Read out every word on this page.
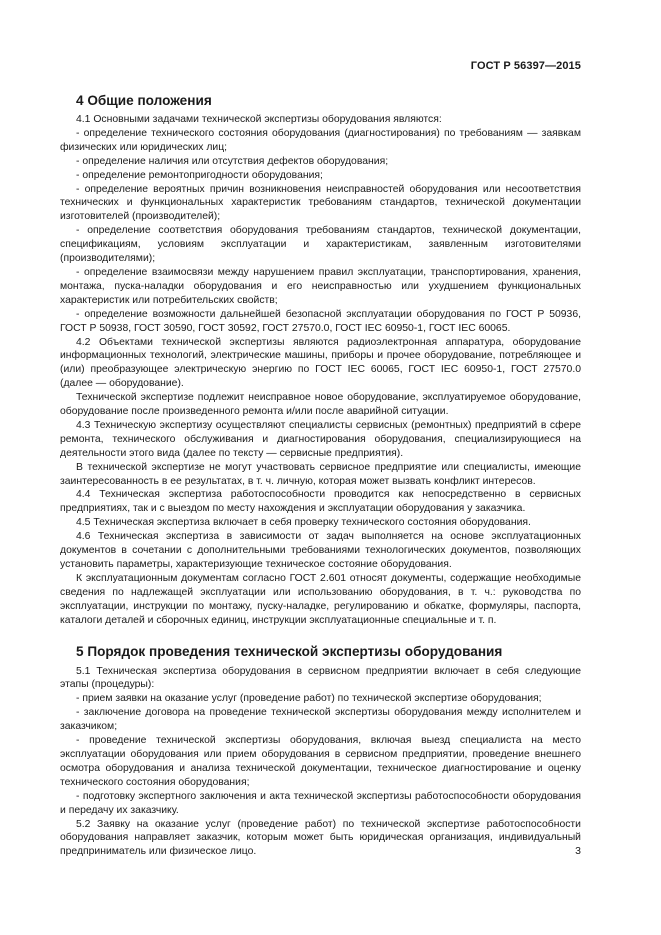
ГОСТ Р 56397—2015
4 Общие положения

4.1 Основными задачами технической экспертизы оборудования являются:

- определение технического состояния оборудования (диагностирования) по требованиям — заявкам физических или юридических лиц;

- определение наличия или отсутствия дефектов оборудования;

- определение ремонтопригодности оборудования;

- определение вероятных причин возникновения неисправностей оборудования или несоответствия технических и функциональных характеристик требованиям стандартов, технической документации изготовителей (производителей);

- определение соответствия оборудования требованиям стандартов, технической документации, спецификациям, условиям эксплуатации и характеристикам, заявленным изготовителями (производителями);

- определение взаимосвязи между нарушением правил эксплуатации, транспортирования, хранения, монтажа, пуска-наладки оборудования и его неисправностью или ухудшением функциональных характеристик или потребительских свойств;

- определение возможности дальнейшей безопасной эксплуатации оборудования по ГОСТ Р 50936, ГОСТ Р 50938, ГОСТ 30590, ГОСТ 30592, ГОСТ 27570.0, ГОСТ IEC 60950-1, ГОСТ IEC 60065.

4.2 Объектами технической экспертизы являются радиоэлектронная аппаратура, оборудование информационных технологий, электрические машины, приборы и прочее оборудование, потребляющее и (или) преобразующее электрическую энергию по ГОСТ IEC 60065, ГОСТ IEC 60950-1, ГОСТ 27570.0 (далее — оборудование).

Технической экспертизе подлежит неисправное новое оборудование, эксплуатируемое оборудование, оборудование после произведенного ремонта и/или после аварийной ситуации.

4.3 Техническую экспертизу осуществляют специалисты сервисных (ремонтных) предприятий в сфере ремонта, технического обслуживания и диагностирования оборудования, специализирующиеся на деятельности этого вида (далее по тексту — сервисные предприятия).

В технической экспертизе не могут участвовать сервисное предприятие или специалисты, имеющие заинтересованность в ее результатах, в т. ч. личную, которая может вызвать конфликт интересов.

4.4 Техническая экспертиза работоспособности проводится как непосредственно в сервисных предприятиях, так и с выездом по месту нахождения и эксплуатации оборудования у заказчика.

4.5 Техническая экспертиза включает в себя проверку технического состояния оборудования.

4.6 Техническая экспертиза в зависимости от задач выполняется на основе эксплуатационных документов в сочетании с дополнительными требованиями технологических документов, позволяющих установить параметры, характеризующие техническое состояние оборудования.

К эксплуатационным документам согласно ГОСТ 2.601 относят документы, содержащие необходимые сведения по надлежащей эксплуатации или использованию оборудования, в т. ч.: руководства по эксплуатации, инструкции по монтажу, пуску-наладке, регулированию и обкатке, формуляры, паспорта, каталоги деталей и сборочных единиц, инструкции эксплуатационные специальные и т. п.

5 Порядок проведения технической экспертизы оборудования

5.1 Техническая экспертиза оборудования в сервисном предприятии включает в себя следующие этапы (процедуры):

- прием заявки на оказание услуг (проведение работ) по технической экспертизе оборудования;

- заключение договора на проведение технической экспертизы оборудования между исполнителем и заказчиком;

- проведение технической экспертизы оборудования, включая выезд специалиста на место эксплуатации оборудования или прием оборудования в сервисном предприятии, проведение внешнего осмотра оборудования и анализа технической документации, техническое диагностирование и оценку технического состояния оборудования;

- подготовку экспертного заключения и акта технической экспертизы работоспособности оборудования и передачу их заказчику.

5.2 Заявку на оказание услуг (проведение работ) по технической экспертизе работоспособности оборудования направляет заказчик, которым может быть юридическая организация, индивидуальный предприниматель или физическое лицо.	3
